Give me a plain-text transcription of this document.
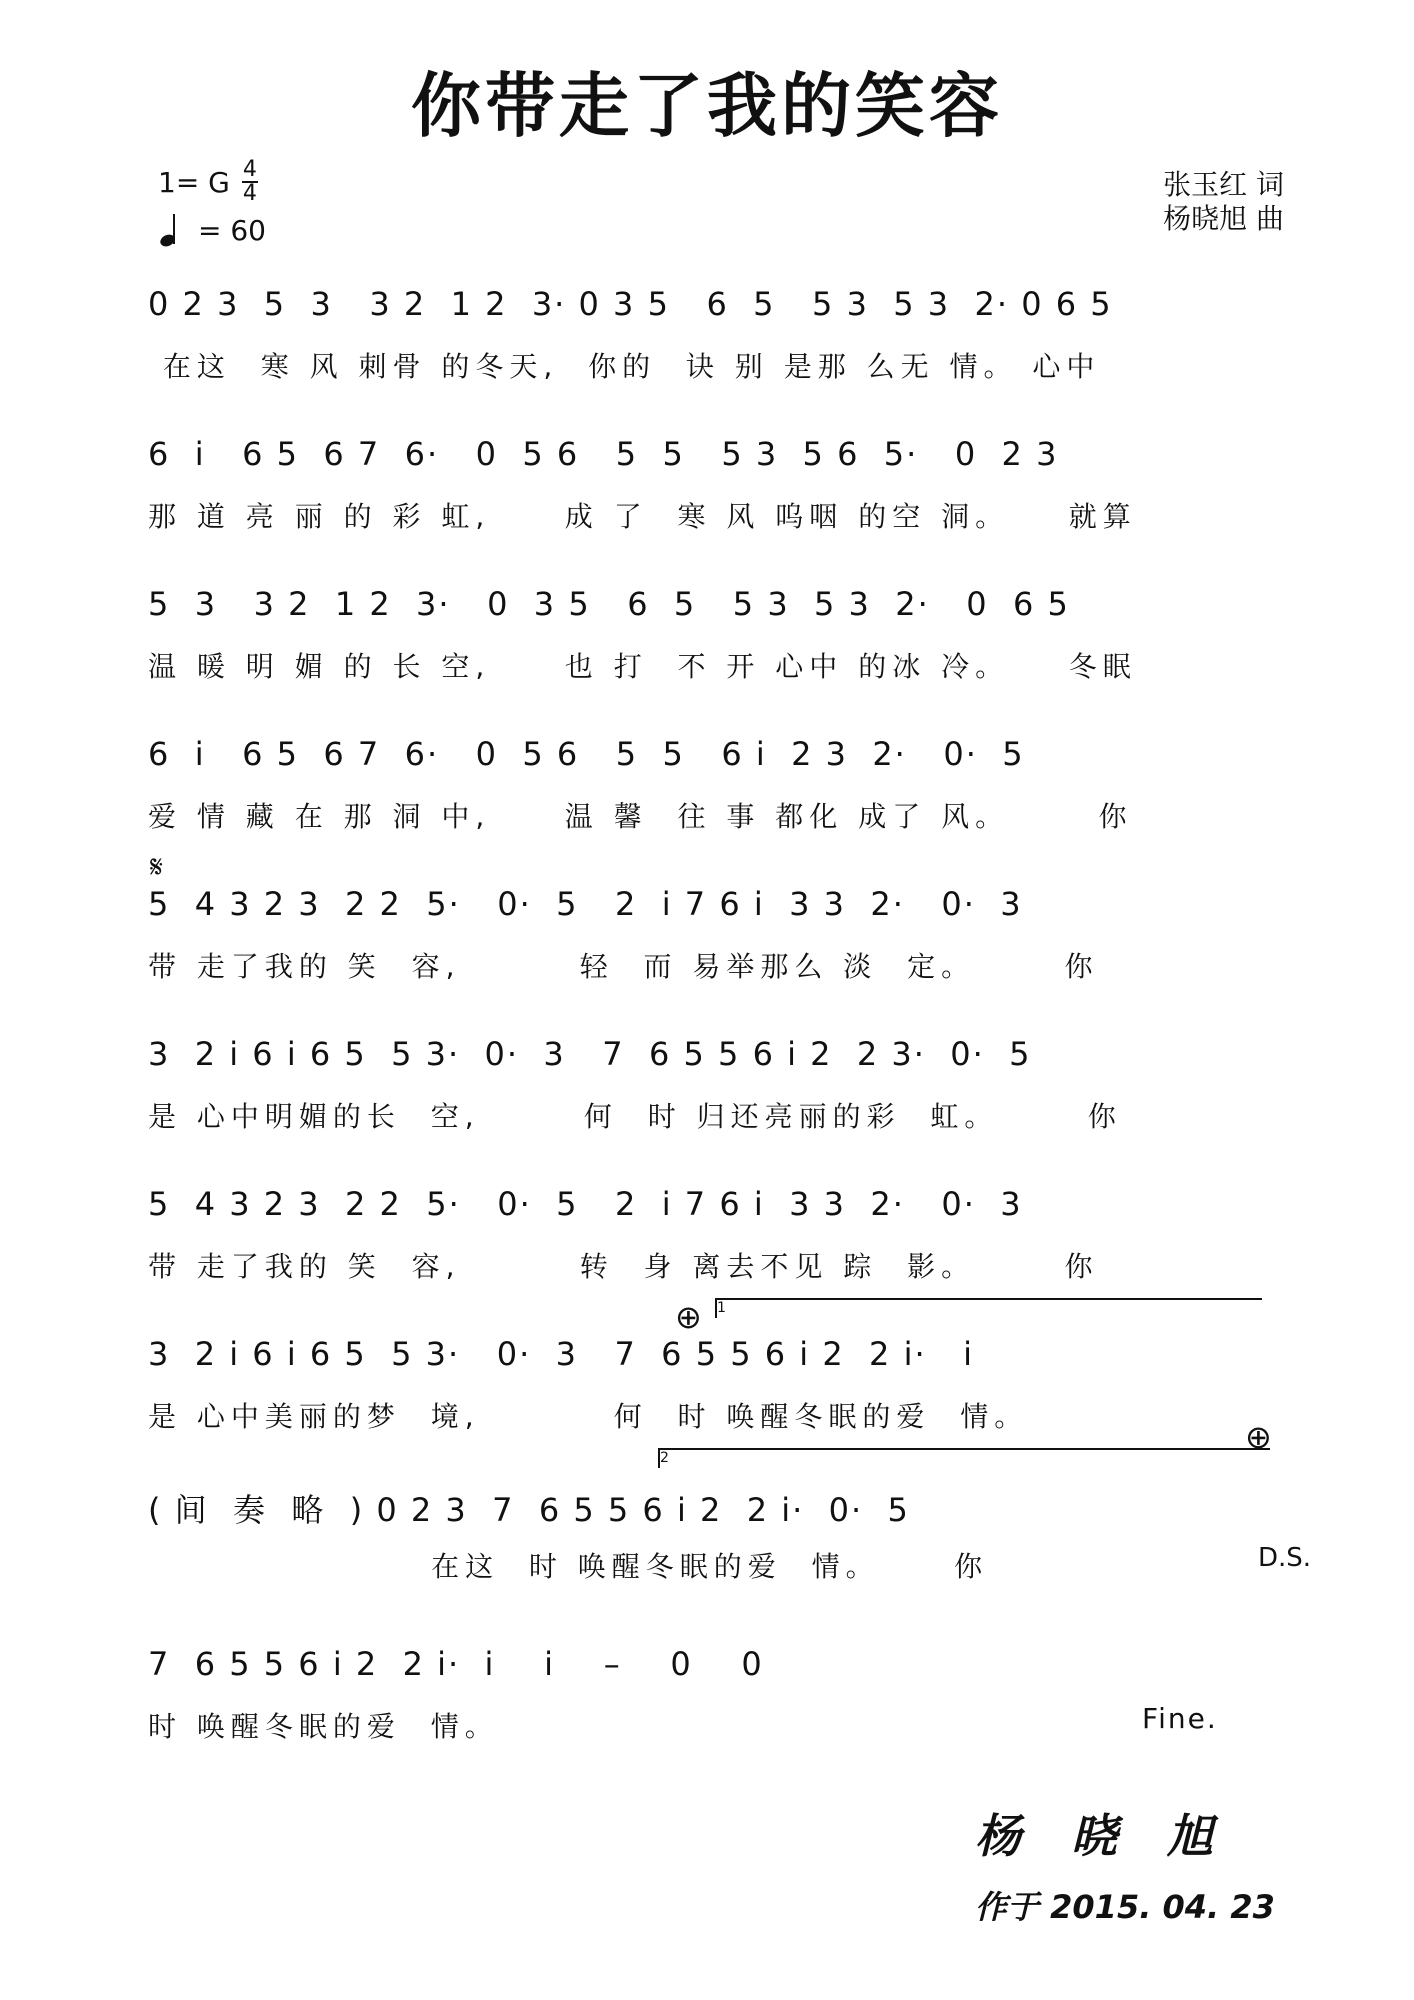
你带走了我的笑容
1= G 4
4
= 60
张玉红 词
杨晓旭 曲
𝄋
⊕
⊕
1
2
0 2 3  5  3   3 2  1 2  3· 0 3 5   6  5   5 3  5 3  2· 0 6 5
在这  寒 风 刺骨 的冬天,  你的  诀 别 是那 么无 情。 心中
6  i   6 5  6 7  6·   0  5 6   5  5   5 3  5 6  5·   0  2 3
那 道 亮 丽 的 彩 虹,     成 了  寒 风 呜咽 的空 洞。    就算
5  3   3 2  1 2  3·   0  3 5   6  5   5 3  5 3  2·   0  6 5
温 暖 明 媚 的 长 空,     也 打  不 开 心中 的冰 冷。    冬眠
6  i   6 5  6 7  6·   0  5 6   5  5   6 i  2 3  2·   0·  5
爱 情 藏 在 那 洞 中,     温 馨  往 事 都化 成了 风。      你
5  4 3 2 3  2 2  5·   0·  5   2  i 7 6 i  3 3  2·   0·  3
带 走了我的 笑  容,        轻  而 易举那么 淡  定。      你
3  2 i 6 i 6 5  5 3·  0·  3   7  6 5 5 6 i 2  2 3·  0·  5
是 心中明媚的长  空,       何  时 归还亮丽的彩  虹。      你
5  4 3 2 3  2 2  5·   0·  5   2  i 7 6 i  3 3  2·   0·  3
带 走了我的 笑  容,        转  身 离去不见 踪  影。      你
3  2 i 6 i 6 5  5 3·   0·  3   7  6 5 5 6 i 2  2 i·   i
是 心中美丽的梦  境,         何  时 唤醒冬眠的爱  情。
( 间  奏  略  ) 0 2 3  7  6 5 5 6 i 2  2 i·  0·  5
在这  时 唤醒冬眠的爱  情。     你
7  6 5 5 6 i 2  2 i·  i    i    –    0    0
时 唤醒冬眠的爱  情。
D.S.
Fine.
杨晓旭
作于 2015. 04. 23
